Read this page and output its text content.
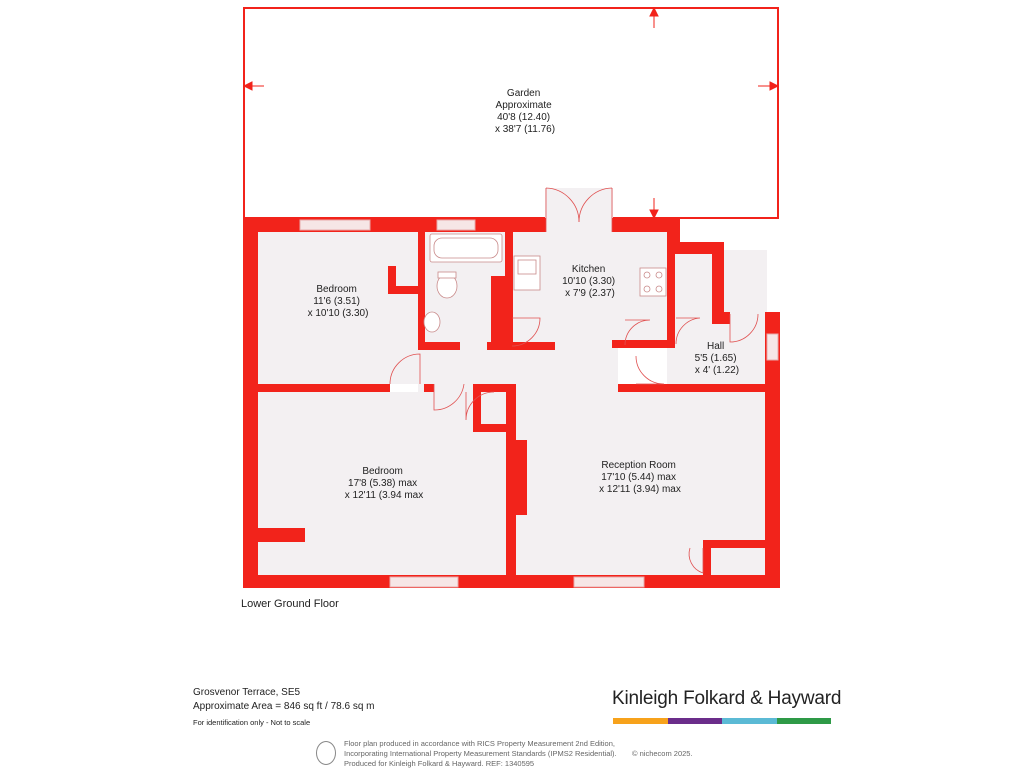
Garden Approximate 40'8 (12.40) x 38'7 (11.76)
Bedroom 11'6 (3.51) x 10'10 (3.30)
Kitchen 10'10 (3.30) x 7'9 (2.37)
Hall 5'5 (1.65) x 4' (1.22)
Bedroom 17'8 (5.38) max x 12'11 (3.94 max
Reception Room 17'10 (5.44) max x 12'11 (3.94) max
Lower Ground Floor
Grosvenor Terrace, SE5
Approximate Area = 846 sq ft / 78.6 sq m
For identification only - Not to scale
Kinleigh Folkard & Hayward
Floor plan produced in accordance with RICS Property Measurement 2nd Edition,
Incorporating International Property Measurement Standards (IPMS2 Residential).
Produced for Kinleigh Folkard & Hayward. REF: 1340595
© nichecom 2025.
